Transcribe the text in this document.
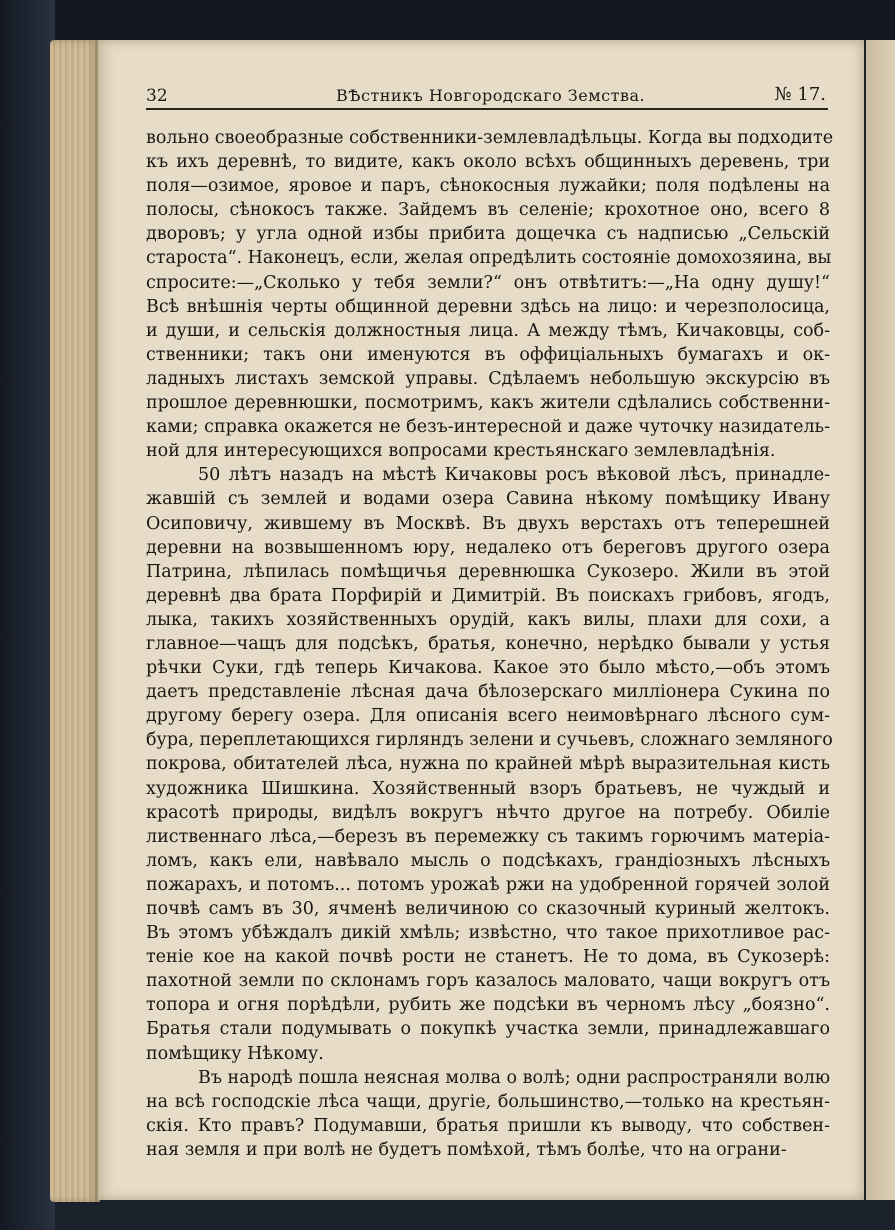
32	ВѢстникъ Новгородскаго Земства.	№ 17.
вольно своеобразные собственники-землевладѣльцы. Когда вы подходите
къ ихъ деревнѣ, то видите, какъ около всѣхъ общинныхъ деревень, три
поля—озимое, яровое и паръ, сѣнокосныя лужайки; поля подѣлены на
полосы, сѣнокосъ также. Зайдемъ въ селеніе; крохотное оно, всего 8
дворовъ; у угла одной избы прибита дощечка съ надписью „Сельскій
староста“. Наконецъ, если, желая опредѣлить состояніе домохозяина, вы
спросите:—„Сколько у тебя земли?“ онъ отвѣтитъ:—„На одну душу!“
Всѣ внѣшнія черты общинной деревни здѣсь на лицо: и черезполосица,
и души, и сельскія должностныя лица. А между тѣмъ, Кичаковцы, соб-
ственники; такъ они именуются въ оффиціальныхъ бумагахъ и ок-
ладныхъ листахъ земской управы. Сдѣлаемъ небольшую экскурсію въ
прошлое деревнюшки, посмотримъ, какъ жители сдѣлались собственни-
ками; справка окажется не безъ-интересной и даже чуточку назидатель-
ной для интересующихся вопросами крестьянскаго землевладѣнія.
50 лѣтъ назадъ на мѣстѣ Кичаковы росъ вѣковой лѣсъ, принадле-
жавшій съ землей и водами озера Савина нѣкому помѣщику Ивану
Осиповичу, жившему въ Москвѣ. Въ двухъ верстахъ отъ теперешней
деревни на возвышенномъ юру, недалеко отъ береговъ другого озера
Патрина, лѣпилась помѣщичья деревнюшка Сукозеро. Жили въ этой
деревнѣ два брата Порфирій и Димитрій. Въ поискахъ грибовъ, ягодъ,
лыка, такихъ хозяйственныхъ орудій, какъ вилы, плахи для сохи, а
главное—чащъ для подсѣкъ, братья, конечно, нерѣдко бывали у устья
рѣчки Суки, гдѣ теперь Кичакова. Какое это было мѣсто,—объ этомъ
даетъ представленіе лѣсная дача бѣлозерскаго милліонера Сукина по
другому берегу озера. Для описанія всего неимовѣрнаго лѣсного сум-
бура, переплетающихся гирляндъ зелени и сучьевъ, сложнаго земляного
покрова, обитателей лѣса, нужна по крайней мѣрѣ выразительная кисть
художника Шишкина. Хозяйственный взоръ братьевъ, не чуждый и
красотѣ природы, видѣлъ вокругъ нѣчто другое на потребу. Обиліе
лиственнаго лѣса,—березъ въ перемежку съ такимъ горючимъ матеріа-
ломъ, какъ ели, навѣвало мысль о подсѣкахъ, грандіозныхъ лѣсныхъ
пожарахъ, и потомъ... потомъ урожаѣ ржи на удобренной горячей золой
почвѣ самъ въ 30, ячменѣ величиною со сказочный куриный желтокъ.
Въ этомъ убѣждалъ дикій хмѣль; извѣстно, что такое прихотливое рас-
теніе кое на какой почвѣ рости не станетъ. Не то дома, въ Сукозерѣ:
пахотной земли по склонамъ горъ казалось маловато, чащи вокругъ отъ
топора и огня порѣдѣли, рубить же подсѣки въ черномъ лѣсу „боязно“.
Братья стали подумывать о покупкѣ участка земли, принадлежавшаго
помѣщику Нѣкому.
Въ народѣ пошла неясная молва о волѣ; одни распространяли волю
на всѣ господскіе лѣса чащи, другіе, большинство,—только на крестьян-
скія. Кто правъ? Подумавши, братья пришли къ выводу, что собствен-
ная земля и при волѣ не будетъ помѣхой, тѣмъ болѣе, что на ограни-
